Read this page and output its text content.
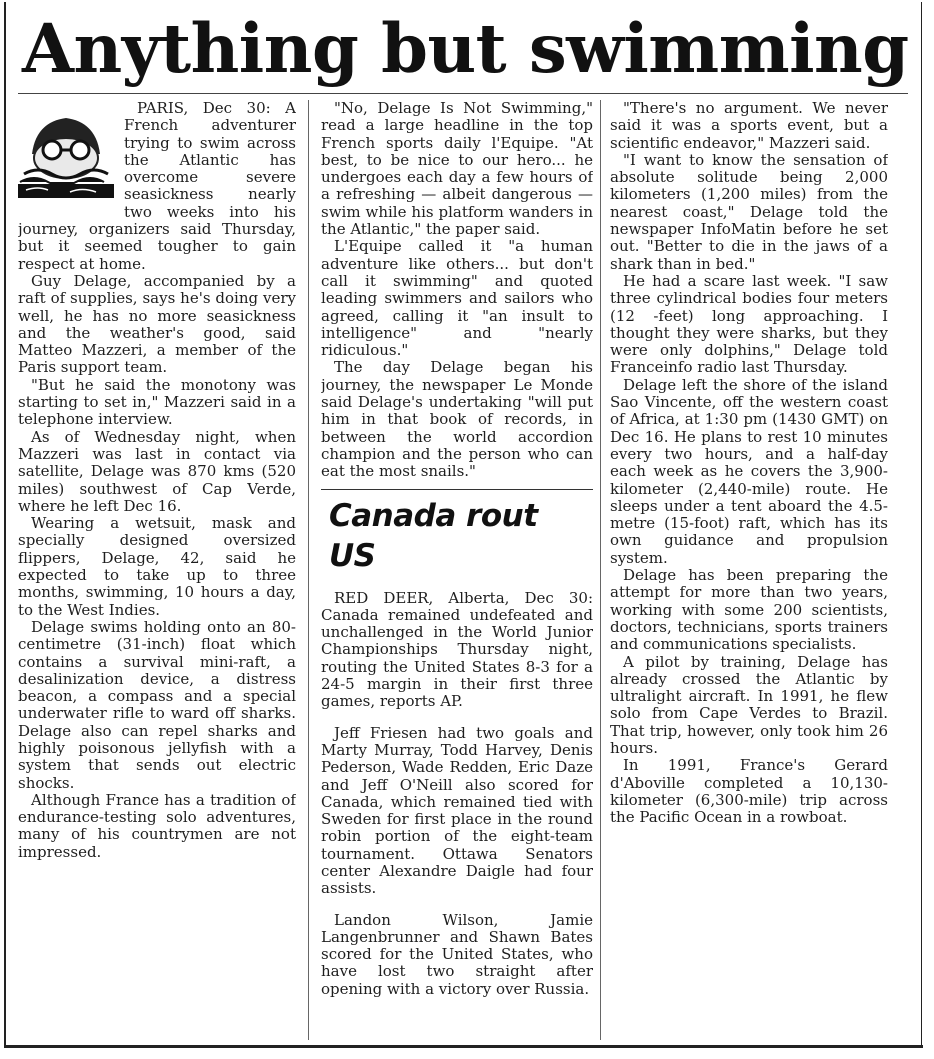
Anything but swimming

PARIS, Dec 30: A French adventurer trying to swim across the Atlantic has overcome severe seasickness nearly two weeks into his journey, organizers said Thursday, but it seemed tougher to gain respect at home.

Guy Delage, accompanied by a raft of supplies, says he's doing very well, he has no more seasickness and the weather's good, said Matteo Mazzeri, a member of the Paris support team.

"But he said the monotony was starting to set in," Mazzeri said in a telephone interview.

As of Wednesday night, when Mazzeri was last in contact via satellite, Delage was 870 kms (520 miles) southwest of Cap Verde, where he left Dec 16.

Wearing a wetsuit, mask and specially designed oversized flippers, Delage, 42, said he expected to take up to three months, swimming, 10 hours a day, to the West Indies.

Delage swims holding onto an 80-centimetre (31-inch) float which contains a survival mini-raft, a desalinization device, a distress beacon, a compass and a special underwater rifle to ward off sharks. Delage also can repel sharks and highly poisonous jellyfish with a system that sends out electric shocks.

Although France has a tradition of endurance-testing solo adventures, many of his countrymen are not impressed.

"No, Delage Is Not Swimming," read a large headline in the top French sports daily l'Equipe. "At best, to be nice to our hero... he undergoes each day a few hours of a refreshing — albeit dangerous — swim while his platform wanders in the Atlantic," the paper said.

L'Equipe called it "a human adventure like others... but don't call it swimming" and quoted leading swimmers and sailors who agreed, calling it "an insult to intelligence" and "nearly ridiculous."

The day Delage began his journey, the newspaper Le Monde said Delage's undertaking "will put him in that book of records, in between the world accordion champion and the person who can eat the most snails."

Canada rout US

RED DEER, Alberta, Dec 30: Canada remained undefeated and unchallenged in the World Junior Championships Thursday night, routing the United States 8-3 for a 24-5 margin in their first three games, reports AP.

Jeff Friesen had two goals and Marty Murray, Todd Harvey, Denis Pederson, Wade Redden, Eric Daze and Jeff O'Neill also scored for Canada, which remained tied with Sweden for first place in the round robin portion of the eight-team tournament. Ottawa Senators center Alexandre Daigle had four assists.

Landon Wilson, Jamie Langenbrunner and Shawn Bates scored for the United States, who have lost two straight after opening with a victory over Russia.

"There's no argument. We never said it was a sports event, but a scientific endeavor," Mazzeri said.

"I want to know the sensation of absolute solitude being 2,000 kilometers (1,200 miles) from the nearest coast," Delage told the newspaper InfoMatin before he set out. "Better to die in the jaws of a shark than in bed."

He had a scare last week. "I saw three cylindrical bodies four meters (12 -feet) long approaching. I thought they were sharks, but they were only dolphins," Delage told Franceinfo radio last Thursday.

Delage left the shore of the island Sao Vincente, off the western coast of Africa, at 1:30 pm (1430 GMT) on Dec 16. He plans to rest 10 minutes every two hours, and a half-day each week as he covers the 3,900-kilometer (2,440-mile) route. He sleeps under a tent aboard the 4.5-metre (15-foot) raft, which has its own guidance and propulsion system.

Delage has been preparing the attempt for more than two years, working with some 200 scientists, doctors, technicians, sports trainers and communications specialists.

A pilot by training, Delage has already crossed the Atlantic by ultralight aircraft. In 1991, he flew solo from Cape Verdes to Brazil. That trip, however, only took him 26 hours.

In 1991, France's Gerard d'Aboville completed a 10,130-kilometer (6,300-mile) trip across the Pacific Ocean in a rowboat.
